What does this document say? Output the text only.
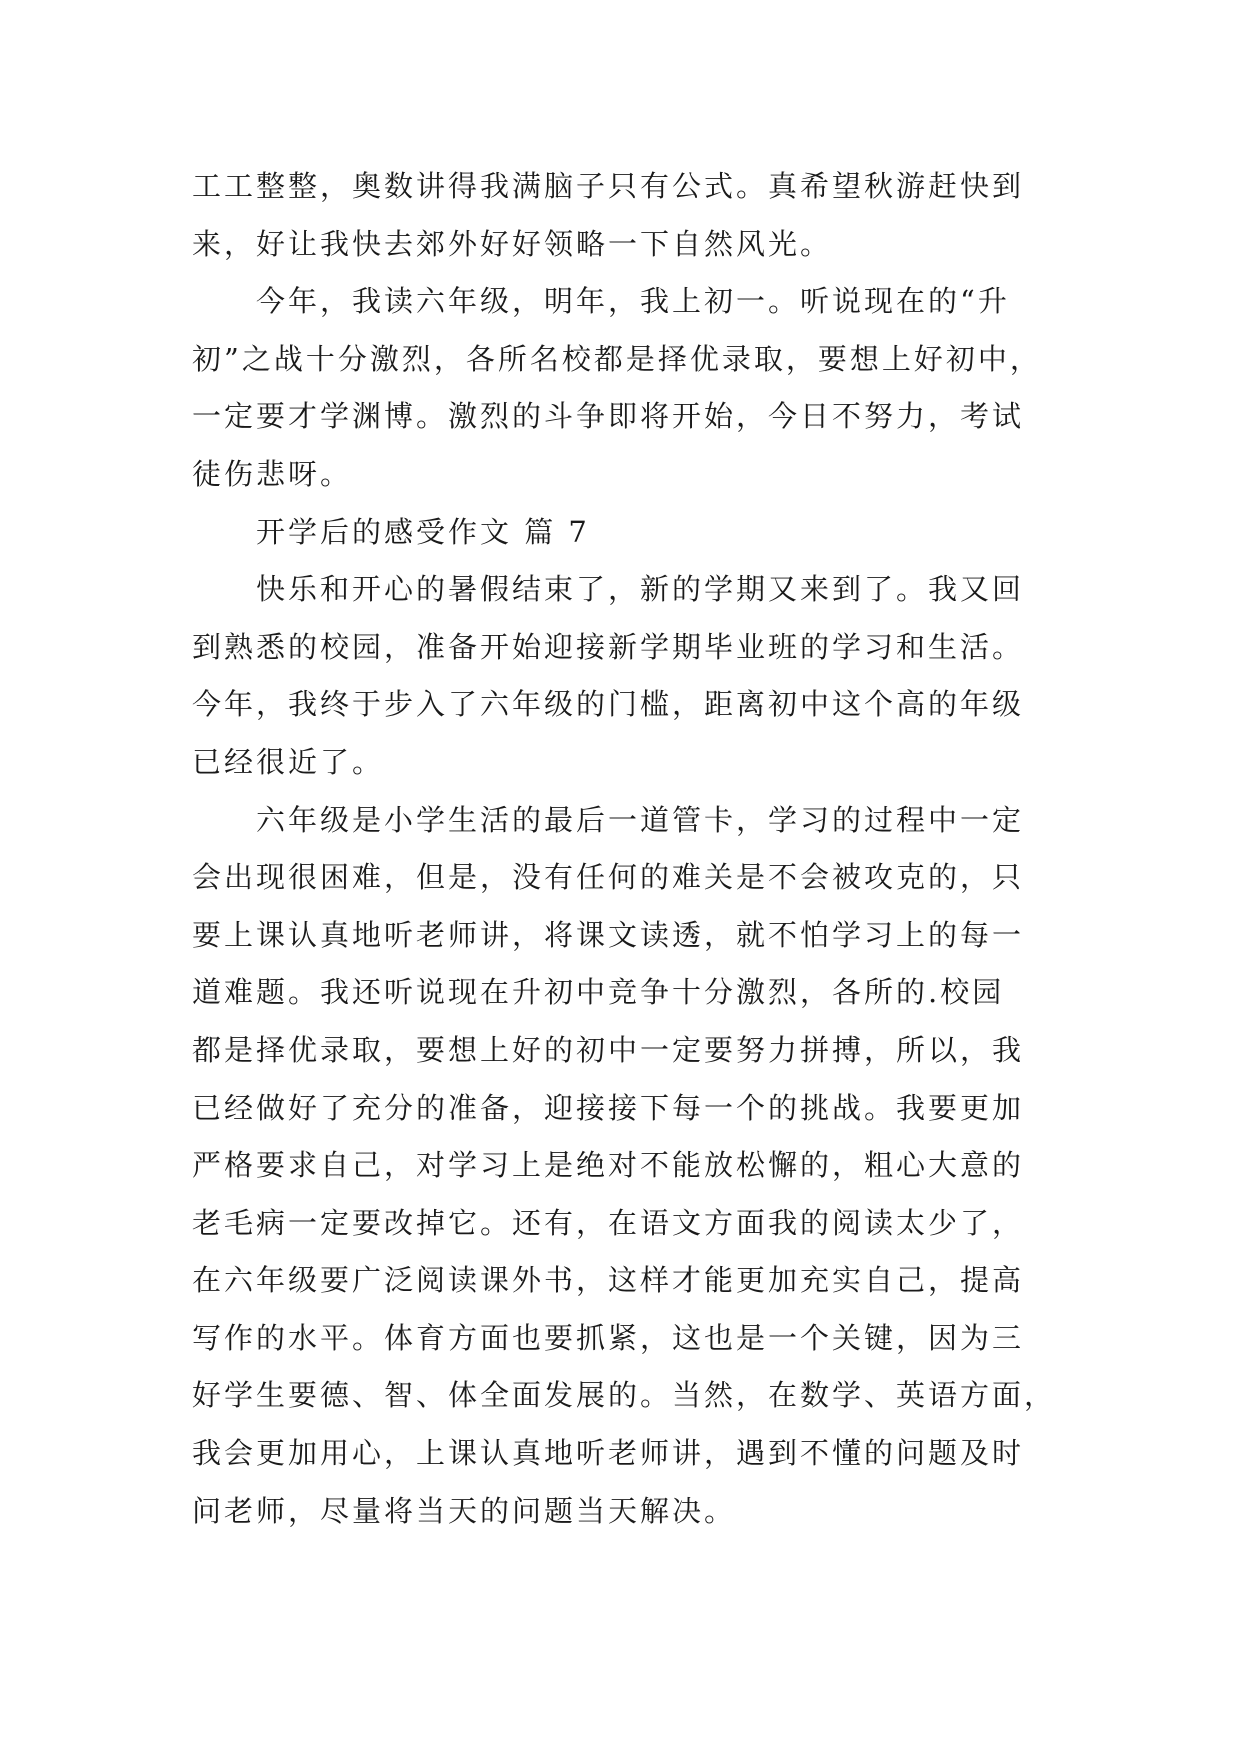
工工整整，奥数讲得我满脑子只有公式。真希望秋游赶快到
来，好让我快去郊外好好领略一下自然风光。
今年，我读六年级，明年，我上初一。听说现在的“升
初”之战十分激烈，各所名校都是择优录取，要想上好初中，
一定要才学渊博。激烈的斗争即将开始，今日不努力，考试
徒伤悲呀。
开学后的感受作文 篇 7
快乐和开心的暑假结束了，新的学期又来到了。我又回
到熟悉的校园，准备开始迎接新学期毕业班的学习和生活。
今年，我终于步入了六年级的门槛，距离初中这个高的年级
已经很近了。
六年级是小学生活的最后一道管卡，学习的过程中一定
会出现很困难，但是，没有任何的难关是不会被攻克的，只
要上课认真地听老师讲，将课文读透，就不怕学习上的每一
道难题。我还听说现在升初中竞争十分激烈，各所的.校园
都是择优录取，要想上好的初中一定要努力拼搏，所以，我
已经做好了充分的准备，迎接接下每一个的挑战。我要更加
严格要求自己，对学习上是绝对不能放松懈的，粗心大意的
老毛病一定要改掉它。还有，在语文方面我的阅读太少了，
在六年级要广泛阅读课外书，这样才能更加充实自己，提高
写作的水平。体育方面也要抓紧，这也是一个关键，因为三
好学生要德、智、体全面发展的。当然，在数学、英语方面，
我会更加用心，上课认真地听老师讲，遇到不懂的问题及时
问老师，尽量将当天的问题当天解决。
